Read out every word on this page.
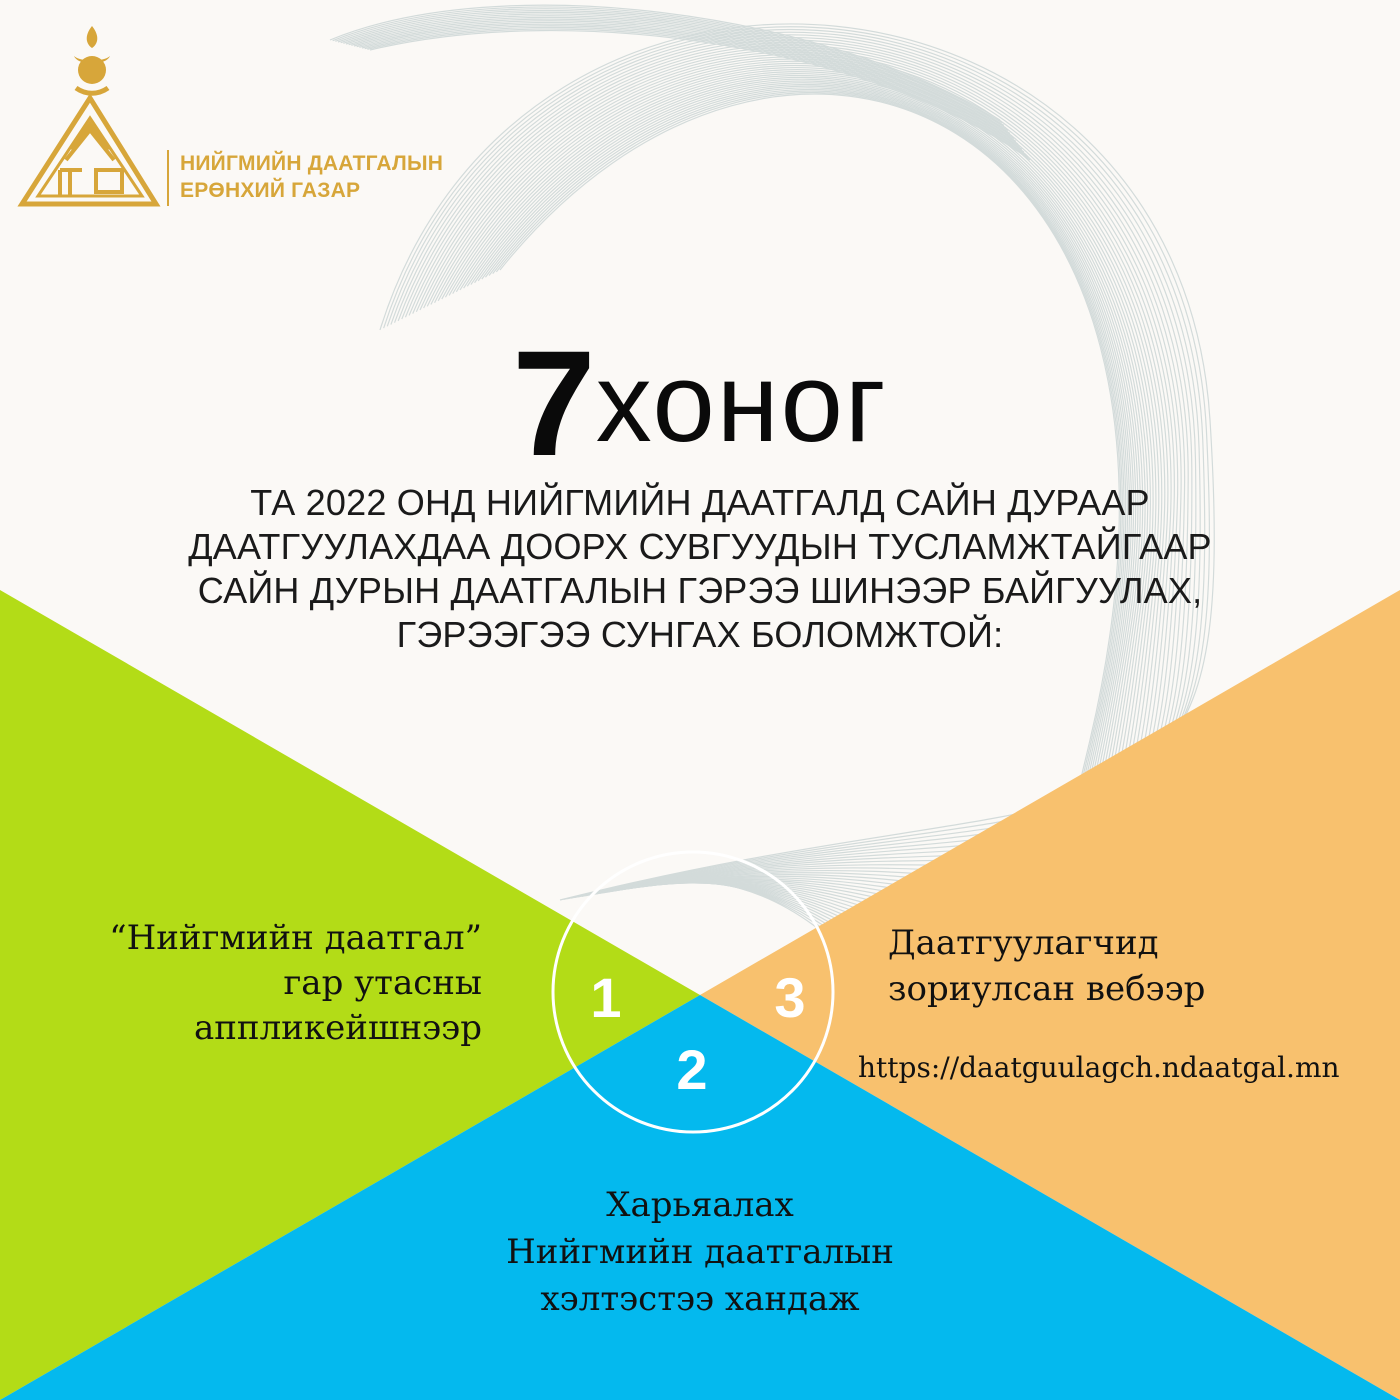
НИЙГМИЙН ДААТГАЛЫН
ЕРӨНХИЙ ГАЗАР
7хоног
ТА 2022 ОНД НИЙГМИЙН ДААТГАЛД САЙН ДУРААР
ДААТГУУЛАХДАА ДООРХ СУВГУУДЫН ТУСЛАМЖТАЙГААР
САЙН ДУРЫН ДААТГАЛЫН ГЭРЭЭ ШИНЭЭР БАЙГУУЛАХ,
ГЭРЭЭГЭЭ СУНГАХ БОЛОМЖТОЙ:
“Нийгмийн даатгал”
гар утасны
аппликейшнээр
Харьяалах
Нийгмийн даатгалын
хэлтэстээ хандаж
Даатгуулагчид
зориулсан вебээр
https://daatguulagch.ndaatgal.mn
1
2
3
